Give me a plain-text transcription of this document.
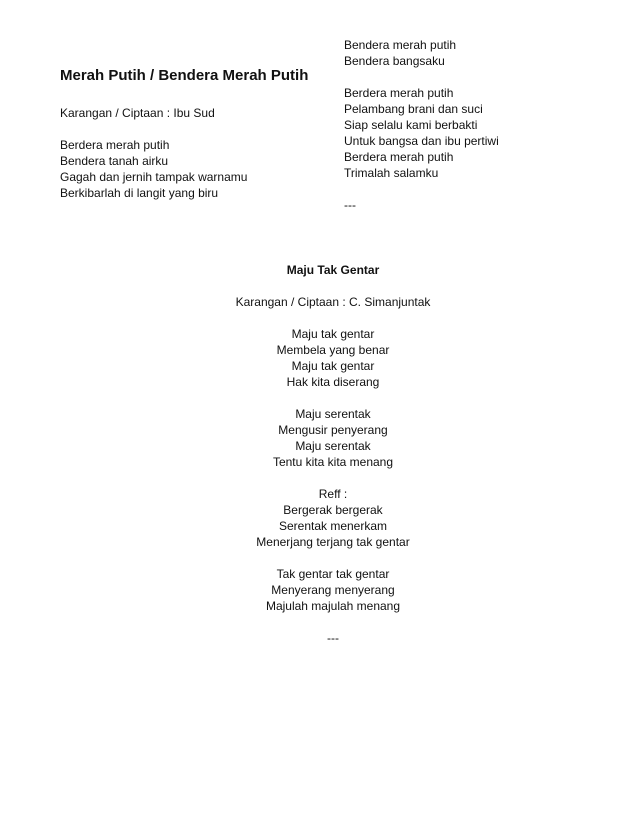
Merah Putih / Bendera Merah Putih
Karangan / Ciptaan : Ibu Sud
Berdera merah putih
Bendera tanah airku
Gagah dan jernih tampak warnamu
Berkibarlah di langit yang biru
Bendera merah putih
Bendera bangsaku
Berdera merah putih
Pelambang brani dan suci
Siap selalu kami berbakti
Untuk bangsa dan ibu pertiwi
Berdera merah putih
Trimalah salamku
---
Maju Tak Gentar
Karangan / Ciptaan : C. Simanjuntak
Maju tak gentar
Membela yang benar
Maju tak gentar
Hak kita diserang
Maju serentak
Mengusir penyerang
Maju serentak
Tentu kita kita menang
Reff :
Bergerak bergerak
Serentak menerkam
Menerjang terjang tak gentar
Tak gentar tak gentar
Menyerang menyerang
Majulah majulah menang
---
